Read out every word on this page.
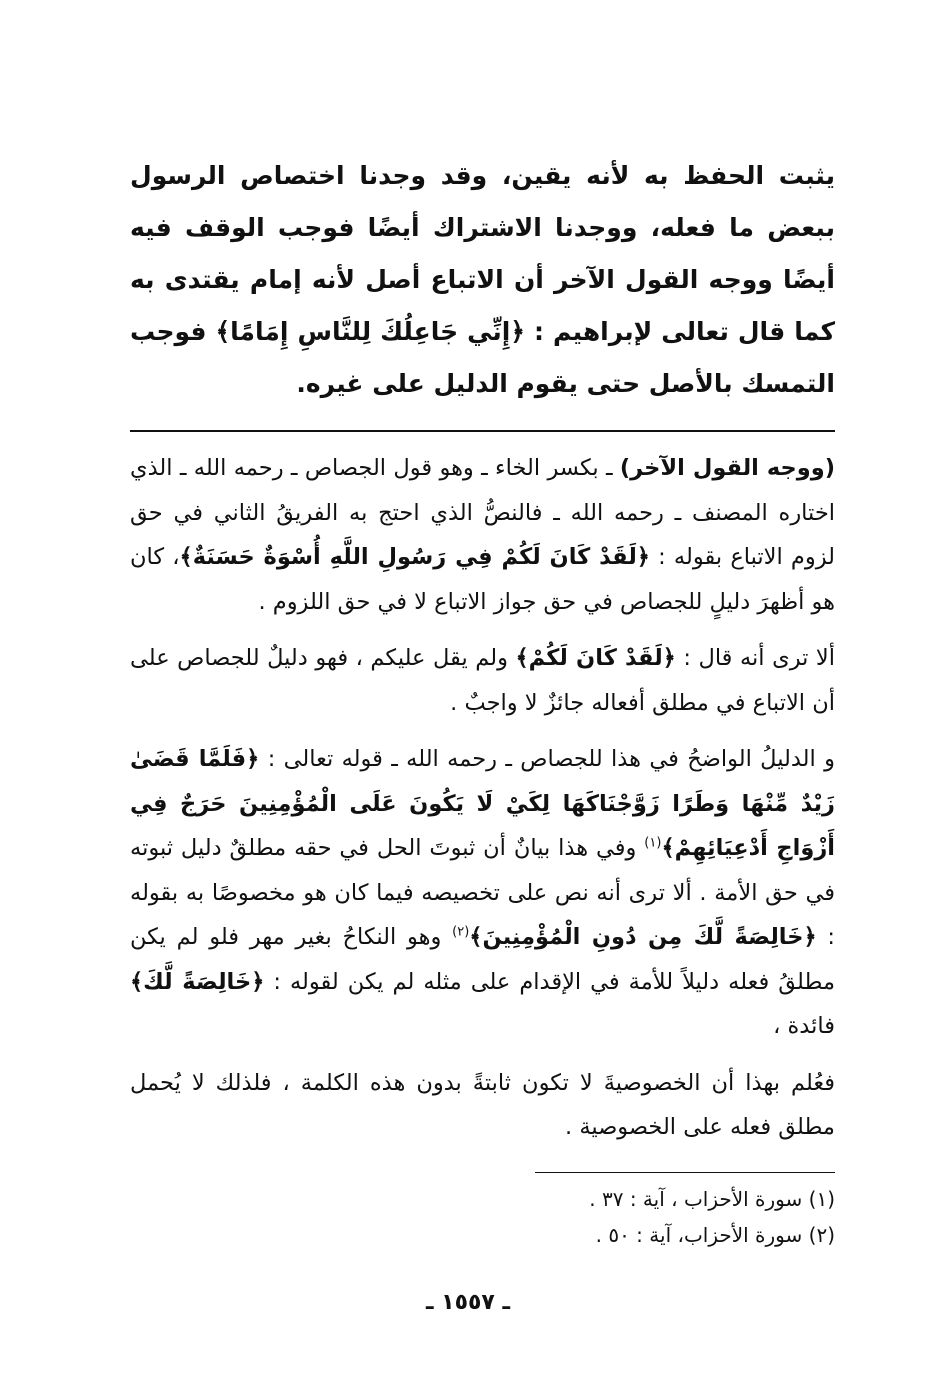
يثبت الحفظ به لأنه يقين، وقد وجدنا اختصاص الرسول ببعض ما فعله، ووجدنا الاشتراك أيضًا فوجب الوقف فيه أيضًا ووجه القول الآخر أن الاتباع أصل لأنه إمام يقتدى به كما قال تعالى لإبراهيم : ﴿إِنِّي جَاعِلُكَ لِلنَّاسِ إِمَامًا﴾ فوجب التمسك بالأصل حتى يقوم الدليل على غيره.

(ووجه القول الآخر) ـ بكسر الخاء ـ وهو قول الجصاص ـ رحمه الله ـ الذي اختاره المصنف ـ رحمه الله ـ فالنصُّ الذي احتج به الفريقُ الثاني في حق لزوم الاتباع بقوله : ﴿لَقَدْ كَانَ لَكُمْ فِي رَسُولِ اللَّهِ أُسْوَةٌ حَسَنَةٌ﴾، كان هو أظهرَ دليلٍ للجصاص في حق جواز الاتباع لا في حق اللزوم .

ألا ترى أنه قال : ﴿لَقَدْ كَانَ لَكُمْ﴾ ولم يقل عليكم ، فهو دليلٌ للجصاص على أن الاتباع في مطلق أفعاله جائزٌ لا واجبٌ .

و الدليلُ الواضحُ في هذا للجصاص ـ رحمه الله ـ قوله تعالى : ﴿فَلَمَّا قَضَىٰ زَيْدٌ مِّنْهَا وَطَرًا زَوَّجْنَاكَهَا لِكَيْ لَا يَكُونَ عَلَى الْمُؤْمِنِينَ حَرَجٌ فِي أَزْوَاجِ أَدْعِيَائِهِمْ﴾$^{(١)}$ وفي هذا بيانٌ أن ثبوتَ الحل في حقه مطلقٌ دليل ثبوته في حق الأمة . ألا ترى أنه نص على تخصيصه فيما كان هو مخصوصًا به بقوله : ﴿خَالِصَةً لَّكَ مِن دُونِ الْمُؤْمِنِينَ﴾$^{(٢)}$ وهو النكاحُ بغير مهر فلو لم يكن مطلقُ فعله دليلاً للأمة في الإقدام على مثله لم يكن لقوله : ﴿خَالِصَةً لَّكَ﴾ فائدة ،

فعُلم بهذا أن الخصوصيةَ لا تكون ثابتةً بدون هذه الكلمة ، فلذلك لا يُحمل مطلق فعله على الخصوصية .

(١) سورة الأحزاب ، آية : ٣٧ .

(٢) سورة الأحزاب، آية : ٥٠ .

ـ ١٥٥٧ ـ
